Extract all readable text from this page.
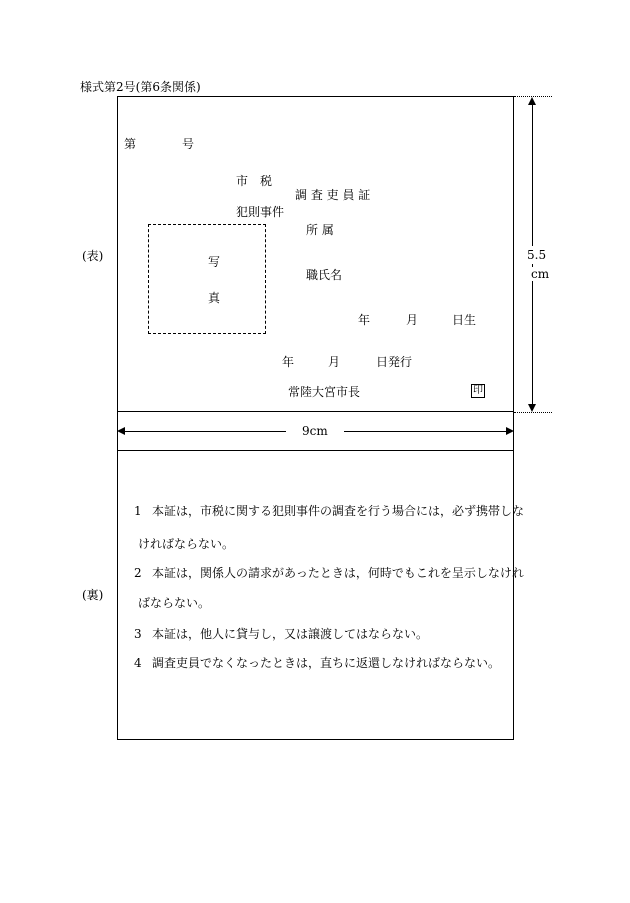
様式第2号(第6条関係)
(表)
(裏)
第	号
市　税
調 査 吏 員 証
犯則事件
所 属
写
真
職氏名
年	月	日生
年	月	日発行
常陸大宮市長	印
5.5
cm
9cm
1 本証は，市税に関する犯則事件の調査を行う場合には，必ず携帯しな
ければならない。
2 本証は，関係人の請求があったときは，何時でもこれを呈示しなけれ
ばならない。
3 本証は，他人に貸与し，又は譲渡してはならない。
4 調査吏員でなくなったときは，直ちに返還しなければならない。
